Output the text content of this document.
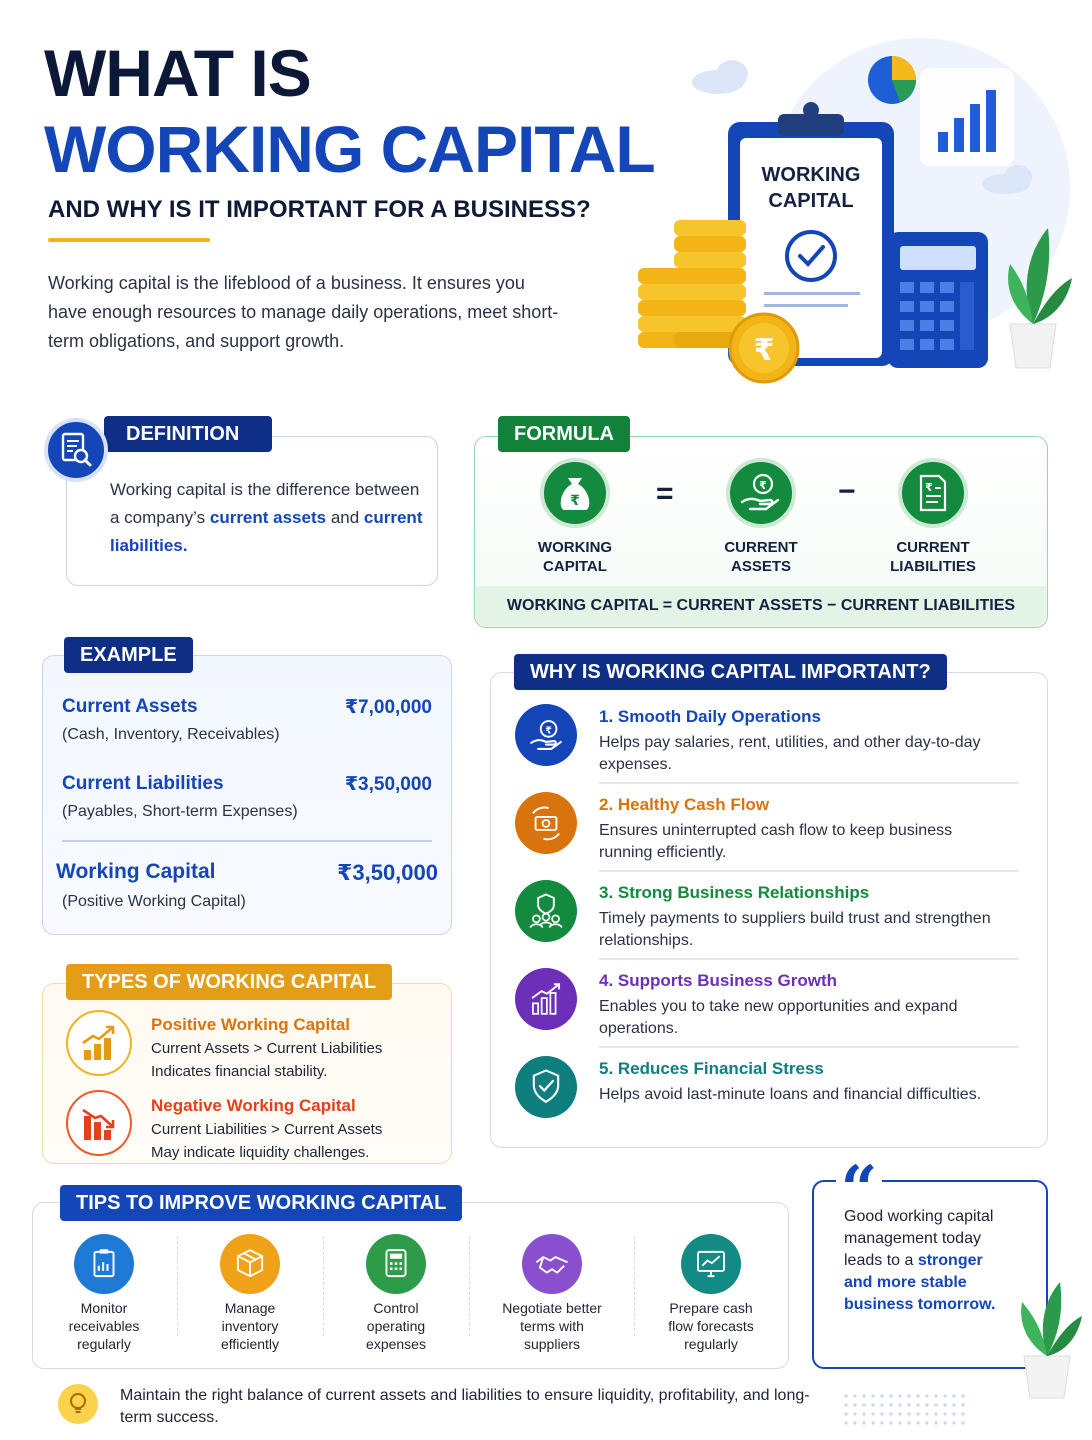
WHAT IS
WORKING CAPITAL
AND WHY IS IT IMPORTANT FOR A BUSINESS?
Working capital is the lifeblood of a business. It ensures you have enough resources to manage daily operations, meet short-term obligations, and support growth.
WORKING
CAPITAL
₹
DEFINITION
Working capital is the difference between a company’s current assets and current liabilities.
WORKING CAPITAL = CURRENT ASSETS − CURRENT LIABILITIES
FORMULA
₹
WORKING
CAPITAL
=	₹
CURRENT
ASSETS
−	₹
CURRENT
LIABILITIES
EXAMPLE
Current Assets	₹7,00,000
(Cash, Inventory, Receivables)
Current Liabilities	₹3,50,000
(Payables, Short-term Expenses)
Working Capital	₹3,50,000
(Positive Working Capital)
TYPES OF WORKING CAPITAL
Positive Working Capital
Current Assets > Current Liabilities
Indicates financial stability.
Negative Working Capital
Current Liabilities > Current Assets
May indicate liquidity challenges.
WHY IS WORKING CAPITAL IMPORTANT?
₹
1. Smooth Daily Operations
Helps pay salaries, rent, utilities, and other day-to-day expenses.
2. Healthy Cash Flow
Ensures uninterrupted cash flow to keep business running efficiently.
3. Strong Business Relationships
Timely payments to suppliers build trust and strengthen relationships.
4. Supports Business Growth
Enables you to take new opportunities and expand operations.
5. Reduces Financial Stress
Helps avoid last-minute loans and financial difficulties.
TIPS TO IMPROVE WORKING CAPITAL
Monitor
receivables
regularly
Manage
inventory
efficiently
Control
operating
expenses
Negotiate better
terms with
suppliers
Prepare cash
flow forecasts
regularly
“
Good working capital management today leads to a stronger and more stable business tomorrow.
Maintain the right balance of current assets and liabilities to ensure liquidity, profitability, and long-term success.
